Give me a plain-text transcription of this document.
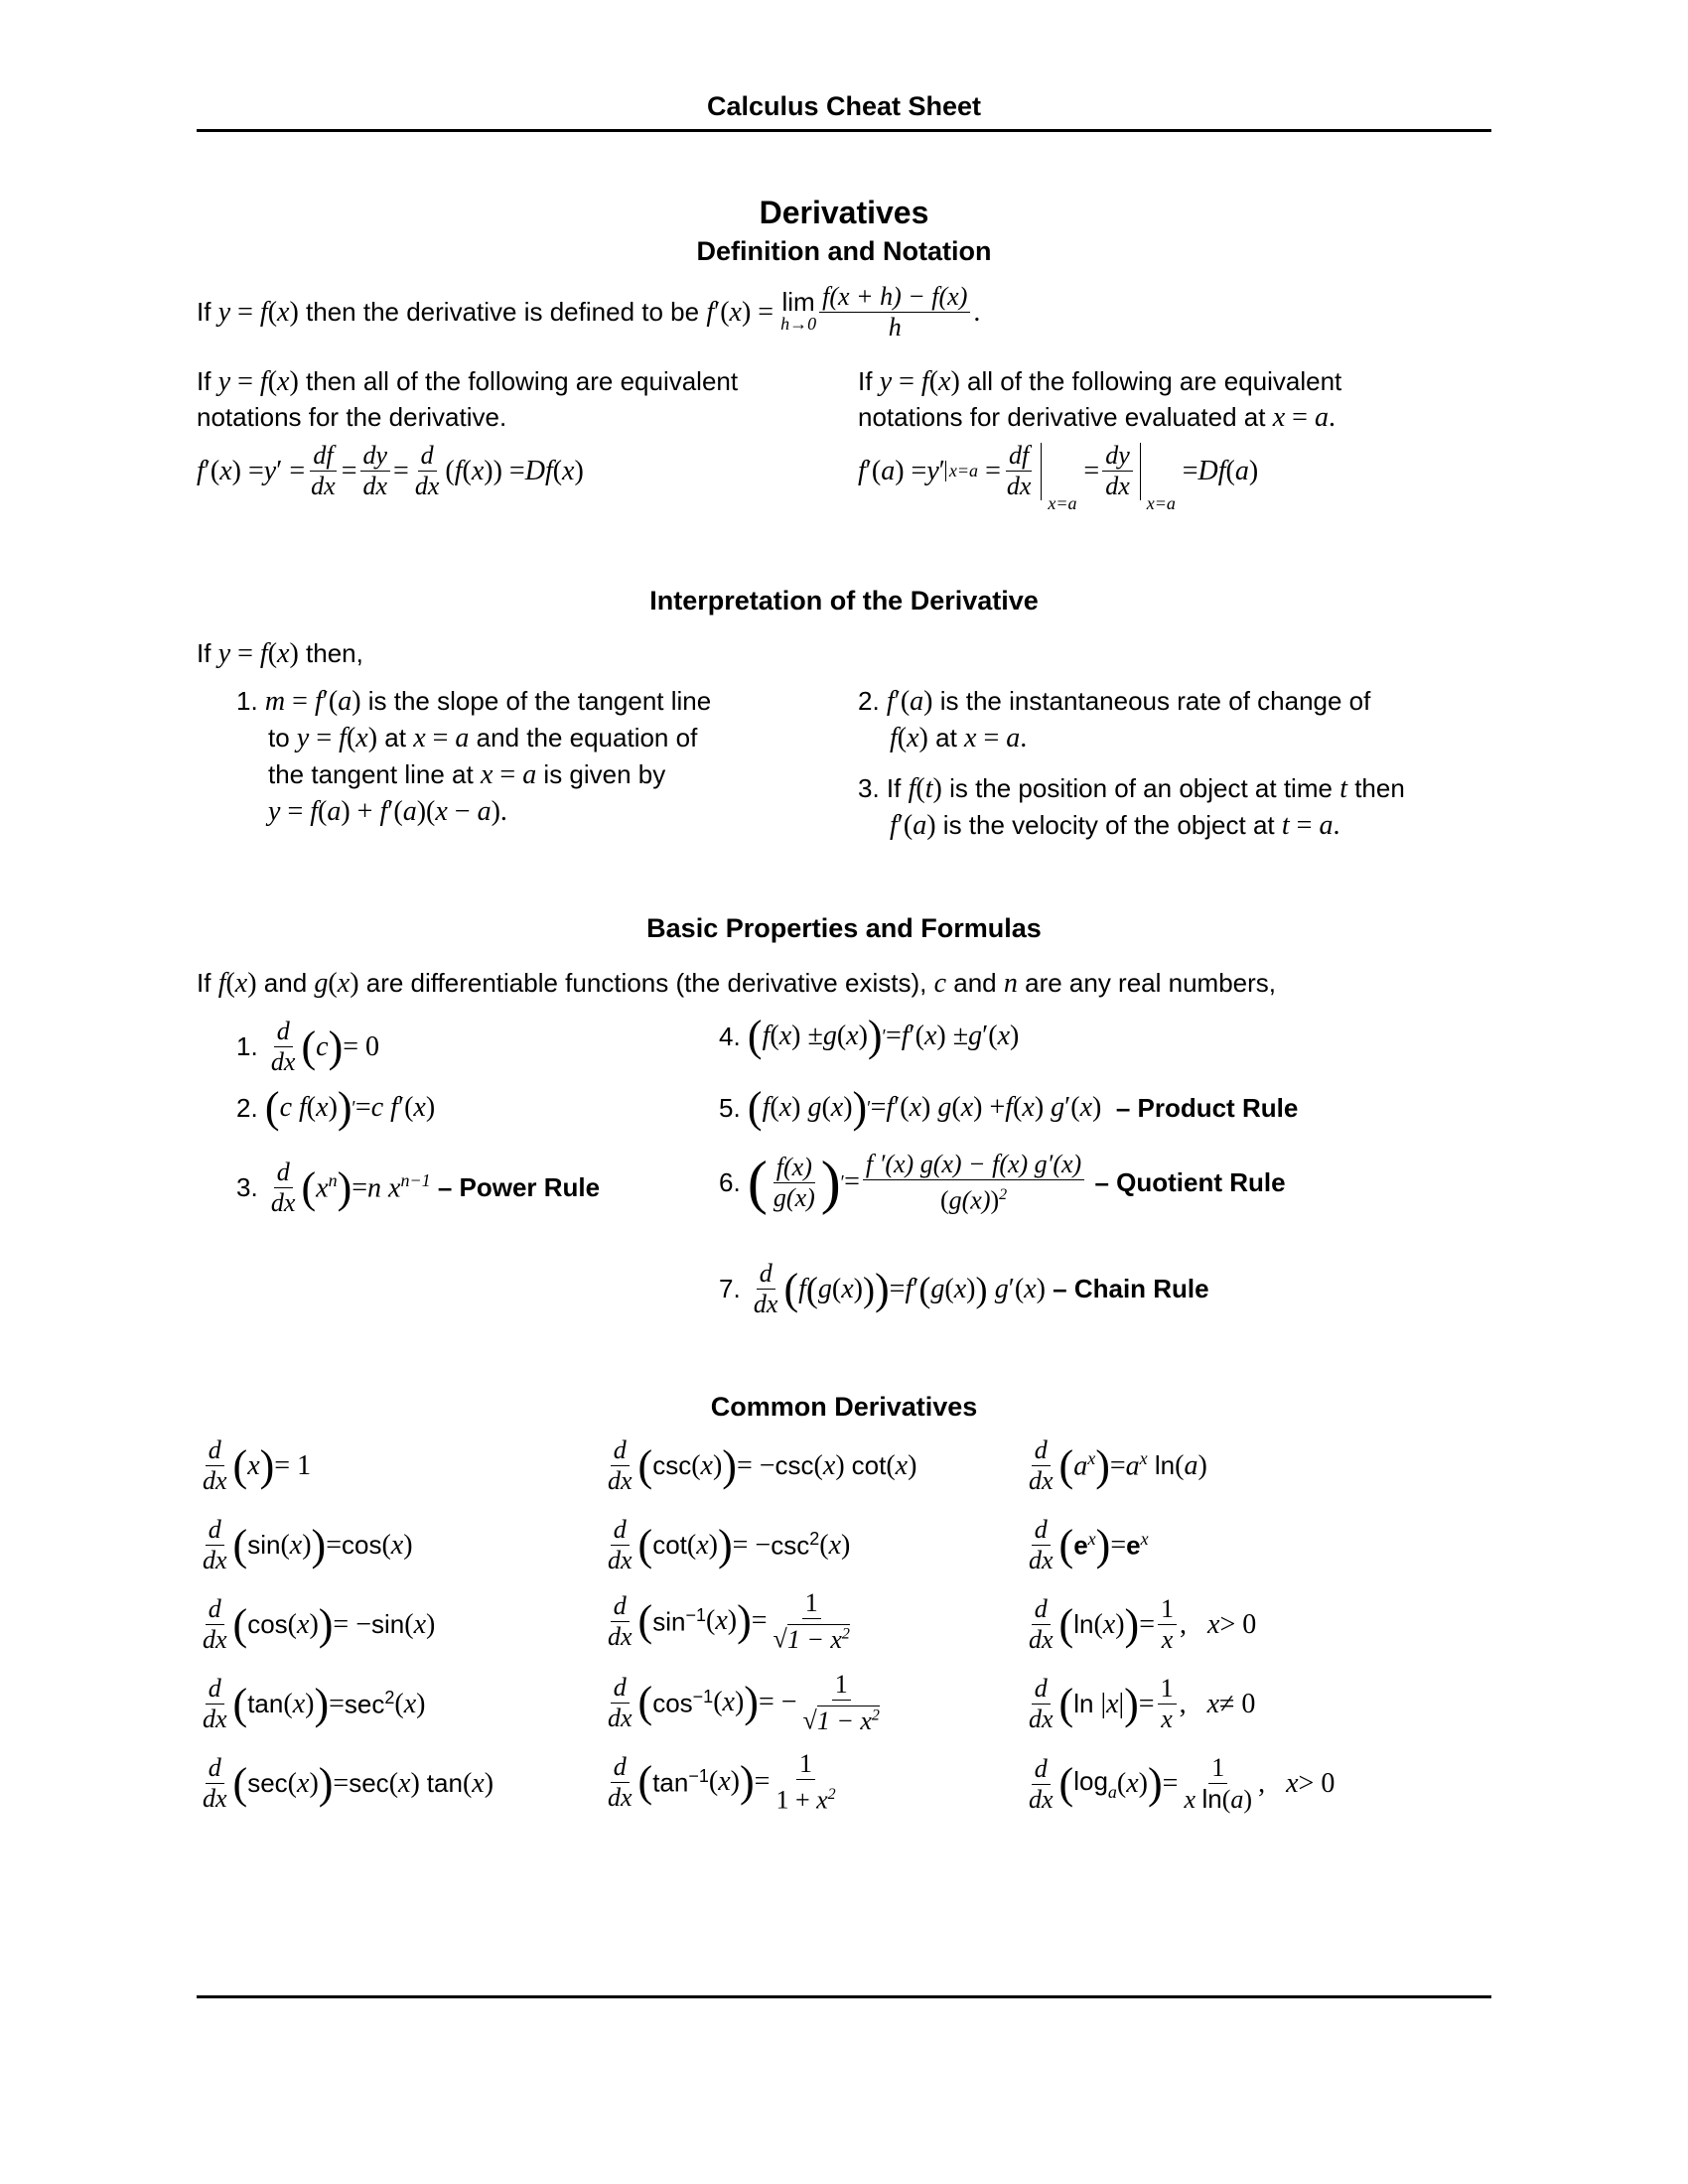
Calculus Cheat Sheet
Derivatives
Definition and Notation
If
y = f ( x )
then the derivative is defined to be
f ′( x ) = lim
$h\to 0 \frac{f(x + h) - f(x)}{h}$ .
If y = f(x) then all of the following are equivalent
notations for the derivative.
f ′( x ) = y ′ = $\frac{df}{dx} = \frac{dy}{dx} = \frac{d}{dx}$ ( f ( x )) = Df ( x )
If y = f(x) all of the following are equivalent
notations for derivative evaluated at x = a.
f ′( a ) = y ′ $x=a = \frac{df}{dx}$
x=a
= $\frac{dy}{dx}$
x=a
= Df ( a )
Interpretation of the Derivative
If y = f(x) then,
1. m = f′(a) is the slope of the tangent line
to y = f(x) at x = a and the equation of
the tangent line at x = a is given by
y = f(a) + f′(a)(x − a).
2. f′(a) is the instantaneous rate of change of
f(x) at x = a.
3. If f(t) is the position of an object at time t then
f′(a) is the velocity of the object at t = a.
Basic Properties and Formulas
If f(x) and g(x) are differentiable functions (the derivative exists), c and n are any real numbers,
1.
$\frac{d}{dx}$ ( c ) = 0
2.
( c f ( x ) ) ′ = c f ′( x )
3.
$\frac{d}{dx}$ ( $x^n$ ) = n $x^{n-1}$
– Power Rule
4.
( f ( x ) ± g ( x ) ) ′ = f ′( x ) ± g ′( x )
5.
( f ( x ) g ( x ) ) ′ = f ′( x ) g ( x ) + f ( x ) g ′( x )
– Product Rule
6.
( $\frac{f(x)}{g(x)}$ ) ′ = $\frac{f '(x) g(x) - f(x) g'(x)}{(g(x))^2}$
– Quotient Rule
7.
$\frac{d}{dx}$ ( f ( g ( x ) ) ) = f ′ ( g ( x ) )
g ′( x )
– Chain Rule
Common Derivatives
$\frac{d}{dx}$ ( x ) = 1
$\frac{d}{dx}$ ( sin ( x ) ) = cos ( x )
$\frac{d}{dx}$ ( cos ( x ) ) = − sin ( x )
$\frac{d}{dx}$ ( tan ( x ) ) = $\sec^2$ ( x )
$\frac{d}{dx}$ ( sec ( x ) ) = sec ( x ) tan ( x )
$\frac{d}{dx}$ ( csc ( x ) ) = − csc ( x ) cot ( x )
$\frac{d}{dx}$ ( cot ( x ) ) = − $\csc^2$ ( x )
$\frac{d}{dx}$ ( $\sin^{-1}$ ( x ) ) = $\frac{1}{√1 - x^2}$
$\frac{d}{dx}$ ( $\cos^{-1}$ ( x ) ) = − $\frac{1}{√1 - x^2}$
$\frac{d}{dx}$ ( $\tan^{-1}$ ( x ) ) = $\frac{1}{1 + x^2}$
$\frac{d}{dx}$ ( $a^x$ ) = $a^x$
ln ( a )
$\frac{d}{dx}$ ( $e^x$ ) = $e^x$
$\frac{d}{dx}$ ( ln ( x ) ) = $\frac{1}{x}$ , x > 0
$\frac{d}{dx}$ ( ln | x | ) = $\frac{1}{x}$ , x ≠ 0
$\frac{d}{dx}$ ( $\log_a$ ( x ) ) = $\frac{1}{\text{x ln(a)}}$ , x > 0
